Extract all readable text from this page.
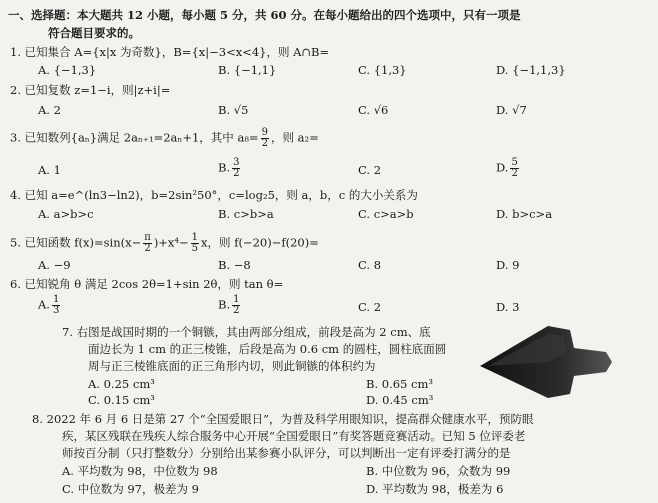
一、选择题：本大题共 12 小题，每小题 5 分，共 60 分。在每小题给出的四个选项中，只有一项是
符合题目要求的。
1. 已知集合 A={x|x 为奇数}，B={x|−3<x<4}，则 A∩B=
A. {−1,3}	B. {−1,1}	C. {1,3}	D. {−1,1,3}
2. 已知复数 z=1−i，则|z+i|=
A. 2	B. √5	C. √6	D. √7
3. 已知数列{aₙ}满足 2aₙ₊₁=2aₙ+1，其中 $a_8= \frac{9}{2}$ ，则 a₂=
A. 1	B. $\frac{3}{2}$	C. 2	D. $\frac{5}{2}$
4. 已知 a=e^(ln3−ln2)，b=2sin²50°，c=log₂5，则 a，b，c 的大小关系为
A. a>b>c	B. c>b>a	C. c>a>b	D. b>c>a
5. 已知函数 $f(x)=\sin(x- \frac{\pi}{2} )+x^4- \frac{1}{5}$ x，则 f(−20)−f(20)=
A. −9	B. −8	C. 8	D. 9
6. 已知锐角 θ 满足 2cos 2θ=1+sin 2θ，则 tan θ=
A. $\frac{1}{3}$	B. $\frac{1}{2}$	C. 2	D. 3
7. 右图是战国时期的一个铜镞，其由两部分组成，前段是高为 2 cm、底
面边长为 1 cm 的正三棱锥，后段是高为 0.6 cm 的圆柱，圆柱底面圆
周与正三棱锥底面的正三角形内切，则此铜镞的体积约为
A. 0.25 cm³	B. 0.65 cm³
C. 0.15 cm³	D. 0.45 cm³
8. 2022 年 6 月 6 日是第 27 个“全国爱眼日”，为普及科学用眼知识，提高群众健康水平，预防眼
疾，某区残联在残疾人综合服务中心开展“全国爱眼日”有奖答题竞赛活动。已知 5 位评委老
师按百分制（只打整数分）分别给出某参赛小队评分，可以判断出一定有评委打满分的是
A. 平均数为 98，中位数为 98	B. 中位数为 96，众数为 99
C. 中位数为 97，极差为 9	D. 平均数为 98，极差为 6
